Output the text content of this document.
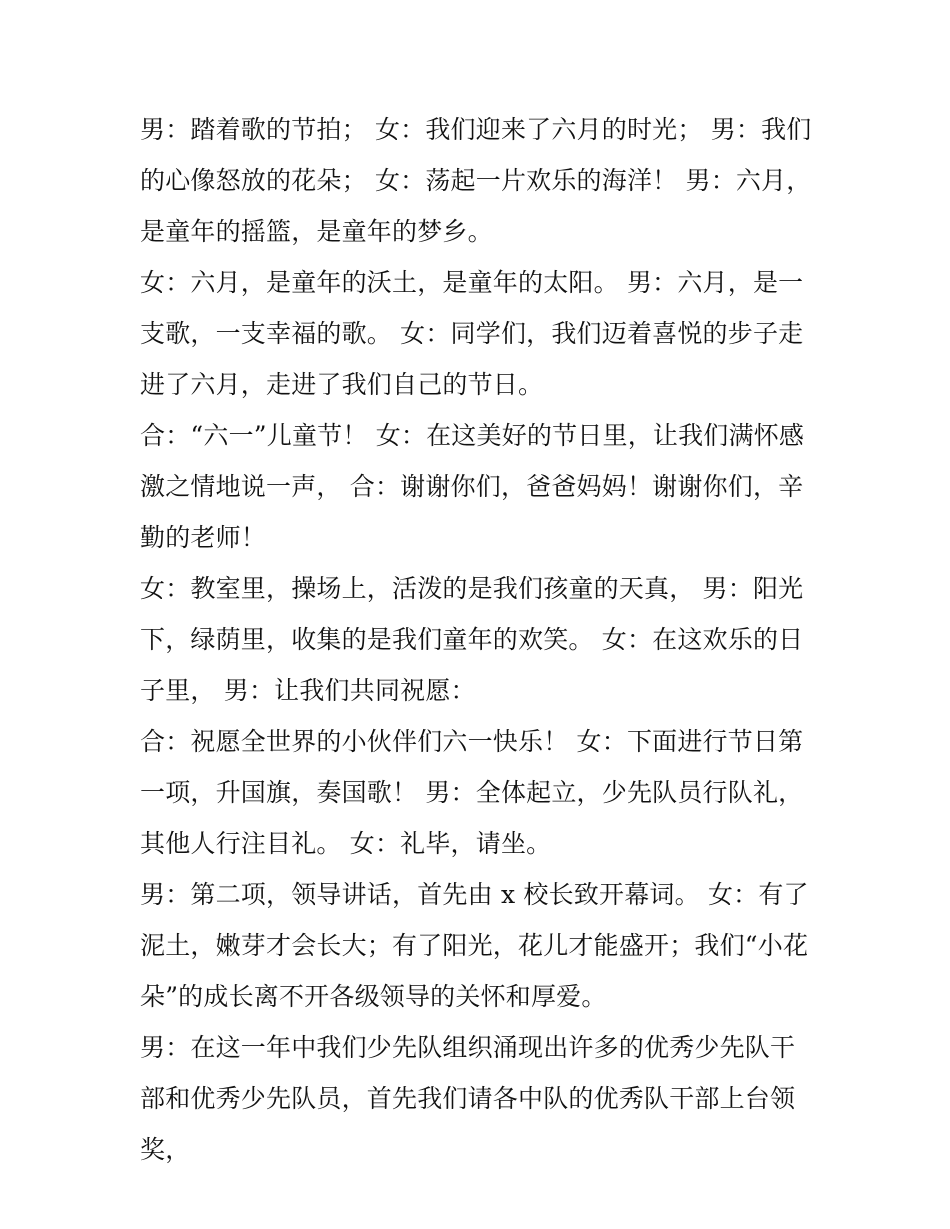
男：踏着歌的节拍； 女：我们迎来了六月的时光； 男：我们的心像怒放的花朵； 女：荡起一片欢乐的海洋！ 男：六月，是童年的摇篮，是童年的梦乡。

女：六月，是童年的沃土，是童年的太阳。 男：六月，是一支歌，一支幸福的歌。 女：同学们，我们迈着喜悦的步子走进了六月，走进了我们自己的节日。

合：“六一”儿童节！ 女：在这美好的节日里，让我们满怀感激之情地说一声， 合：谢谢你们，爸爸妈妈！谢谢你们，辛勤的老师！

女：教室里，操场上，活泼的是我们孩童的天真， 男：阳光下，绿荫里，收集的是我们童年的欢笑。 女：在这欢乐的日子里， 男：让我们共同祝愿：

合：祝愿全世界的小伙伴们六一快乐！ 女：下面进行节日第一项，升国旗，奏国歌！ 男：全体起立，少先队员行队礼，其他人行注目礼。 女：礼毕，请坐。

男：第二项，领导讲话，首先由 x 校长致开幕词。 女：有了泥土，嫩芽才会长大；有了阳光，花儿才能盛开；我们“小花朵”的成长离不开各级领导的关怀和厚爱。

男：在这一年中我们少先队组织涌现出许多的优秀少先队干部和优秀少先队员，首先我们请各中队的优秀队干部上台领奖，
